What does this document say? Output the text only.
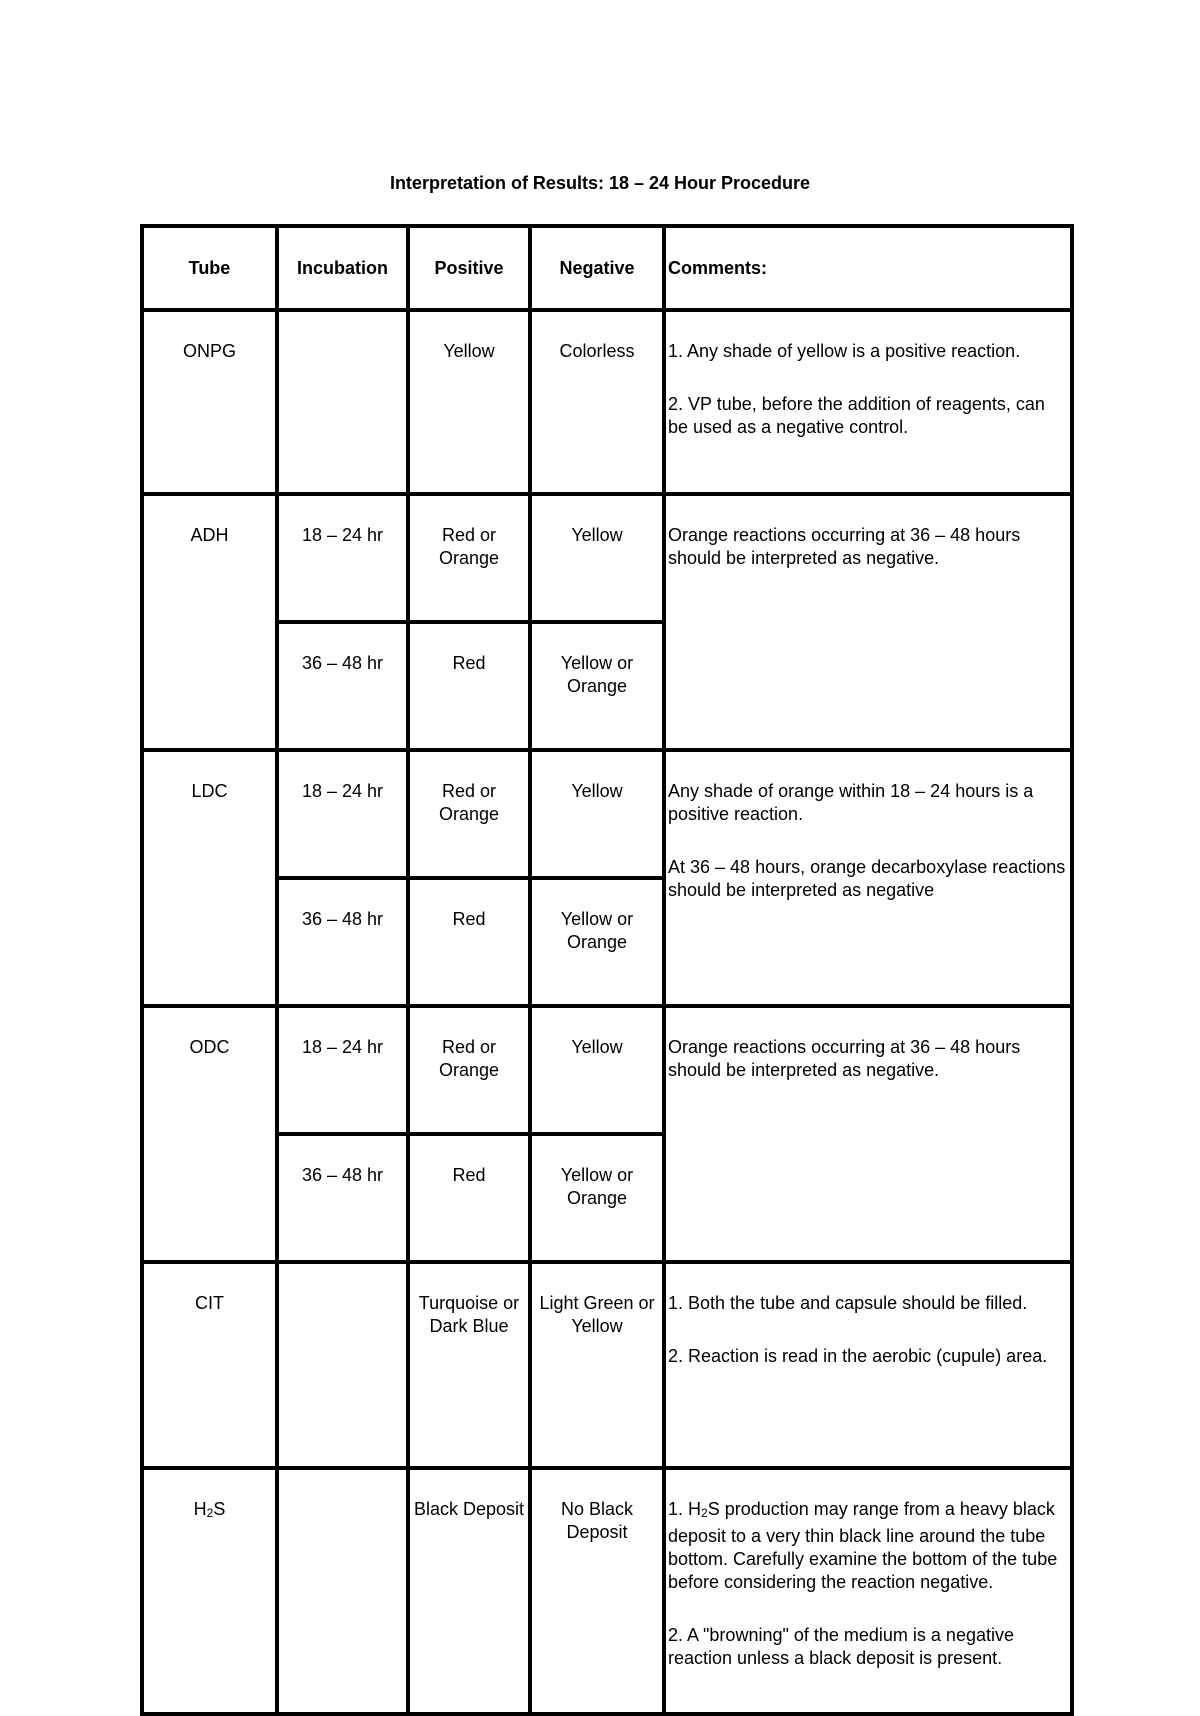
Interpretation of Results: 18 – 24 Hour Procedure
Tube	Incubation	Positive	Negative	Comments:
ONPG		Yellow	Colorless	1. Any shade of yellow is a positive reaction.

2. VP tube, before the addition of reagents, can be used as a negative control.

ADH	18 – 24 hr	Red or Orange	Yellow	Orange reactions occurring at 36 – 48 hours should be interpreted as negative.

	36 – 48 hr	Red	Yellow or Orange	
LDC	18 – 24 hr	Red or Orange	Yellow	Any shade of orange within 18 – 24 hours is a positive reaction.

At 36 – 48 hours, orange decarboxylase reactions should be interpreted as negative

	36 – 48 hr	Red	Yellow or Orange	
ODC	18 – 24 hr	Red or Orange	Yellow	Orange reactions occurring at 36 – 48 hours should be interpreted as negative.

	36 – 48 hr	Red	Yellow or Orange	
CIT		Turquoise or Dark Blue	Light Green or Yellow	1. Both the tube and capsule should be filled.

2. Reaction is read in the aerobic (cupule) area.

$H_2S$		Black Deposit	No Black Deposit	1. $H_2S$ production may range from a heavy black deposit to a very thin black line around the tube bottom. Carefully examine the bottom of the tube before considering the reaction negative.

2. A "browning" of the medium is a negative reaction unless a black deposit is present.
